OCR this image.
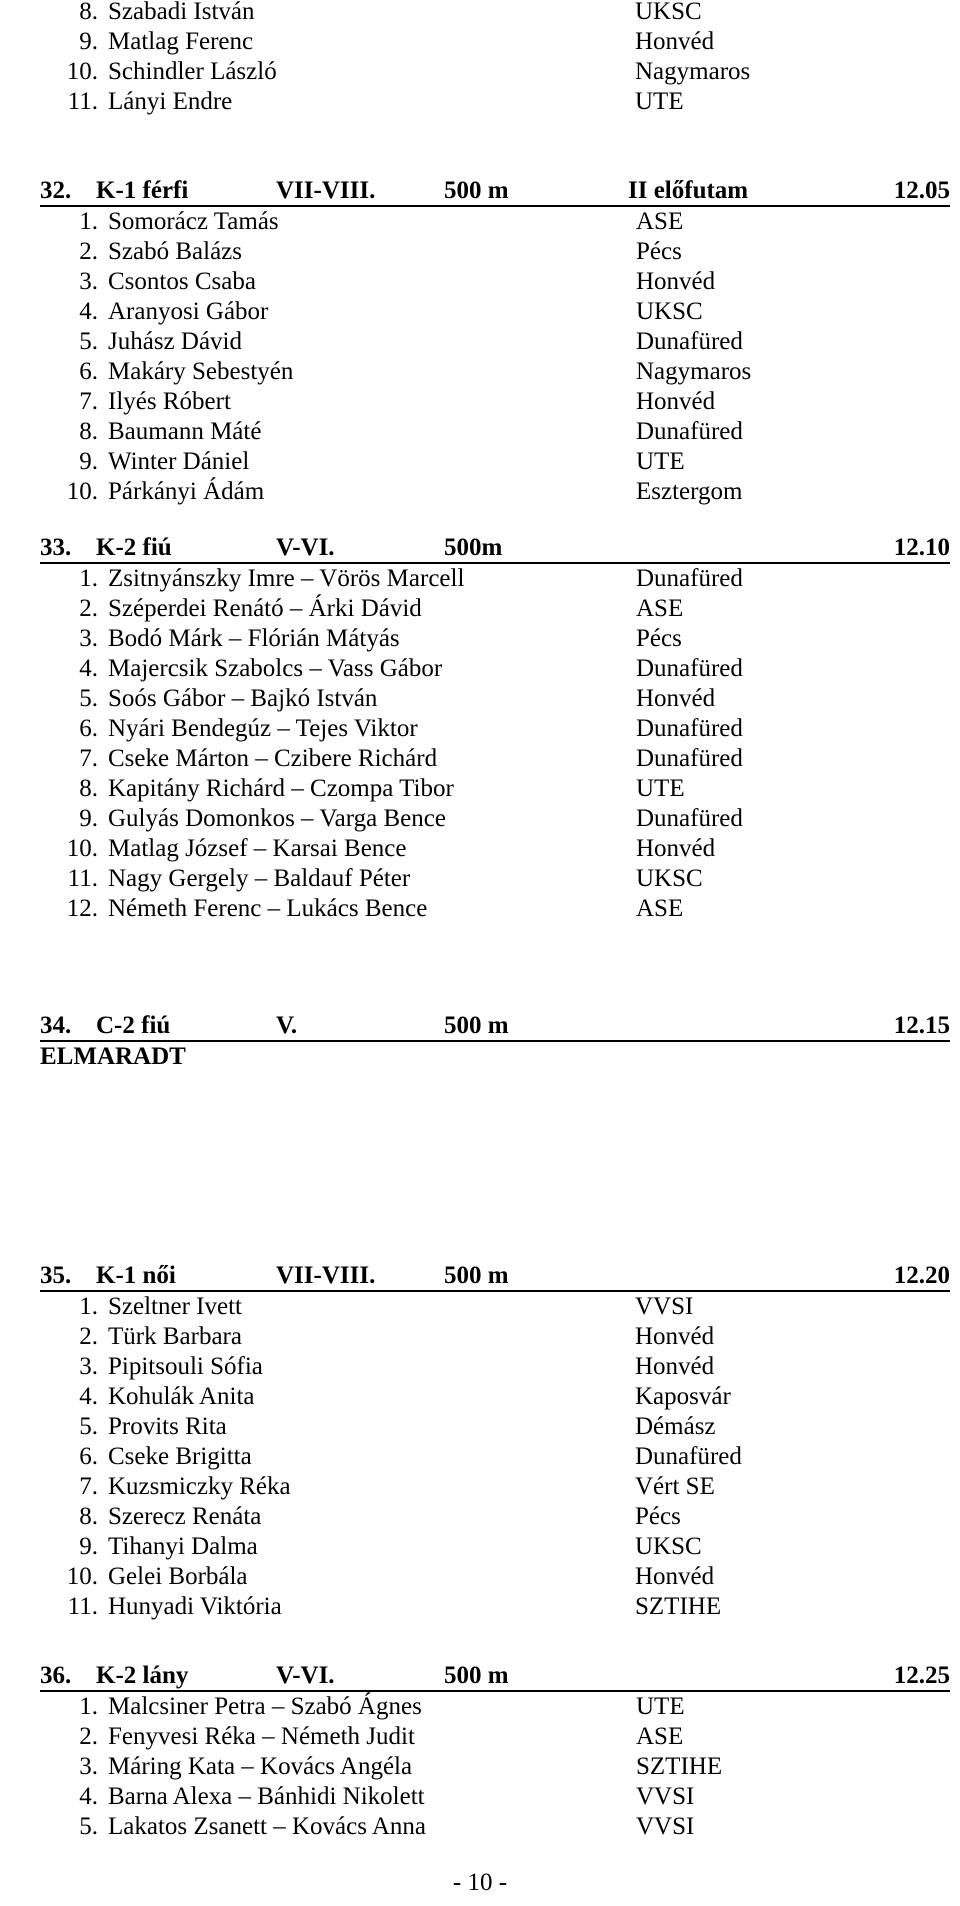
8. Szabadi István	UKSC
9. Matlag Ferenc	Honvéd
10. Schindler László	Nagymaros
11. Lányi Endre	UTE
32. K-1 férfi	VII-VIII.	500 m	II előfutam	12.05
1. Somorácz Tamás	ASE
2. Szabó Balázs	Pécs
3. Csontos Csaba	Honvéd
4. Aranyosi Gábor	UKSC
5. Juhász Dávid	Dunafüred
6. Makáry Sebestyén	Nagymaros
7. Ilyés Róbert	Honvéd
8. Baumann Máté	Dunafüred
9. Winter Dániel	UTE
10. Párkányi Ádám	Esztergom
33. K-2 fiú	V-VI.	500m	12.10
1. Zsitnyánszky Imre – Vörös Marcell	Dunafüred
2. Széperdei Renátó – Árki Dávid	ASE
3. Bodó Márk – Flórián Mátyás	Pécs
4. Majercsik Szabolcs – Vass Gábor	Dunafüred
5. Soós Gábor – Bajkó István	Honvéd
6. Nyári Bendegúz – Tejes Viktor	Dunafüred
7. Cseke Márton – Czibere Richárd	Dunafüred
8. Kapitány Richárd – Czompa Tibor	UTE
9. Gulyás Domonkos – Varga Bence	Dunafüred
10. Matlag József – Karsai Bence	Honvéd
11. Nagy Gergely – Baldauf Péter	UKSC
12. Németh Ferenc – Lukács Bence	ASE
34. C-2 fiú	V.	500 m	12.15
ELMARADT
35. K-1 női	VII-VIII.	500 m	12.20
1. Szeltner Ivett	VVSI
2. Türk Barbara	Honvéd
3. Pipitsouli Sófia	Honvéd
4. Kohulák Anita	Kaposvár
5. Provits Rita	Démász
6. Cseke Brigitta	Dunafüred
7. Kuzsmiczky Réka	Vért SE
8. Szerecz Renáta	Pécs
9. Tihanyi Dalma	UKSC
10. Gelei Borbála	Honvéd
11. Hunyadi Viktória	SZTIHE
36. K-2 lány	V-VI.	500 m	12.25
1. Malcsiner Petra – Szabó Ágnes	UTE
2. Fenyvesi Réka – Németh Judit	ASE
3. Máring Kata – Kovács Angéla	SZTIHE
4. Barna Alexa – Bánhidi Nikolett	VVSI
5. Lakatos Zsanett – Kovács Anna	VVSI
- 10 -
